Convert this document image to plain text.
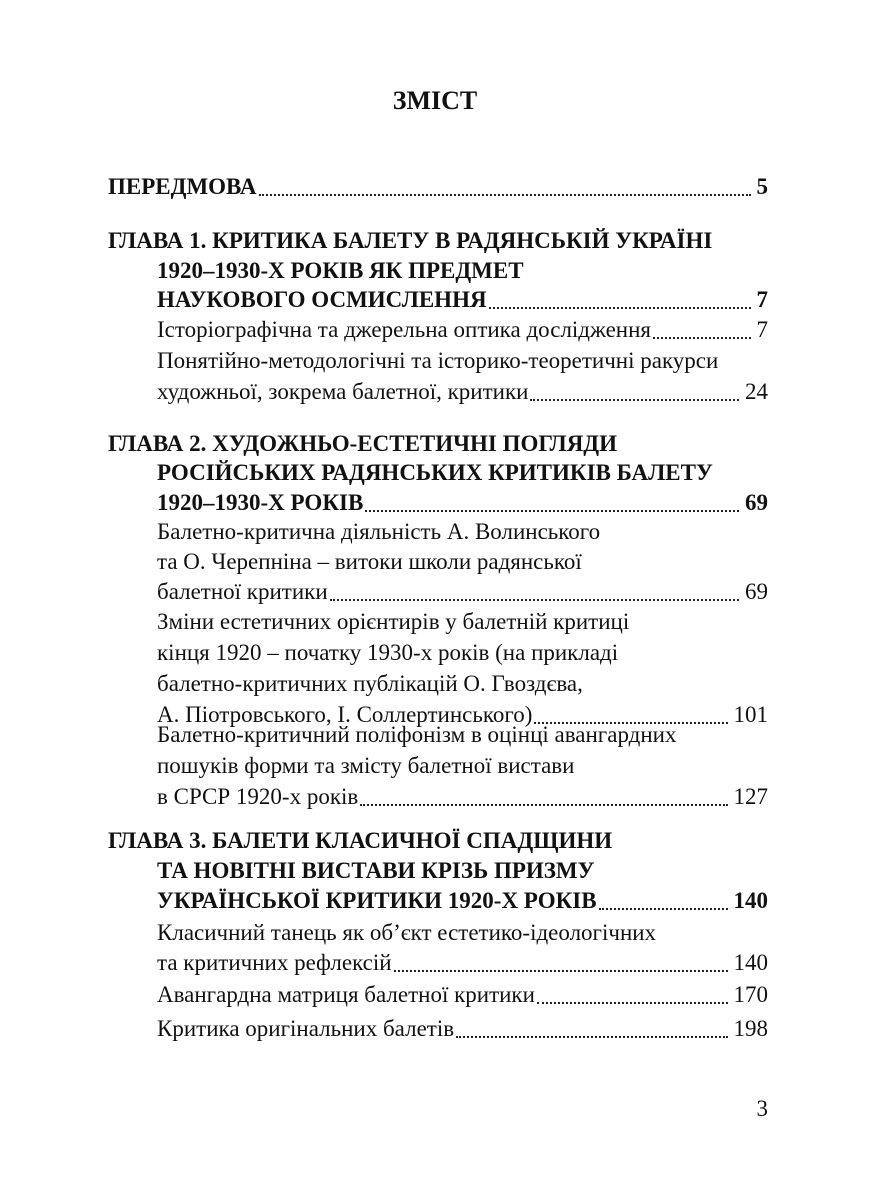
ЗМІСТ
ПЕРЕДМОВА	5
ГЛАВА 1. КРИТИКА БАЛЕТУ В РАДЯНСЬКІЙ УКРАЇНІ
1920–1930-Х РОКІВ ЯК ПРЕДМЕТ
НАУКОВОГО ОСМИСЛЕННЯ	7
Історіографічна та джерельна оптика дослідження	7
Понятійно-методологічні та історико-теоретичні ракурси
художньої, зокрема балетної, критики	24
ГЛАВА 2. ХУДОЖНЬО-ЕСТЕТИЧНІ ПОГЛЯДИ
РОСІЙСЬКИХ РАДЯНСЬКИХ КРИТИКІВ БАЛЕТУ
1920–1930-Х РОКІВ	69
Балетно-критична діяльність А. Волинського
та О. Черепніна – витоки школи радянської
балетної критики	69
Зміни естетичних орієнтирів у балетній критиці
кінця 1920 – початку 1930-х років (на прикладі
балетно-критичних публікацій О. Гвоздєва,
А. Піотровського, І. Соллертинського)	101
Балетно-критичний поліфонізм в оцінці авангардних
пошуків форми та змісту балетної вистави
в СРСР 1920-х років	127
ГЛАВА 3. БАЛЕТИ КЛАСИЧНОЇ СПАДЩИНИ
ТА НОВІТНІ ВИСТАВИ КРІЗЬ ПРИЗМУ
УКРАЇНСЬКОЇ КРИТИКИ 1920-Х РОКІВ	140
Класичний танець як об’єкт естетико-ідеологічних
та критичних рефлексій	140
Авангардна матриця балетної критики	170
Критика оригінальних балетів	198
3
